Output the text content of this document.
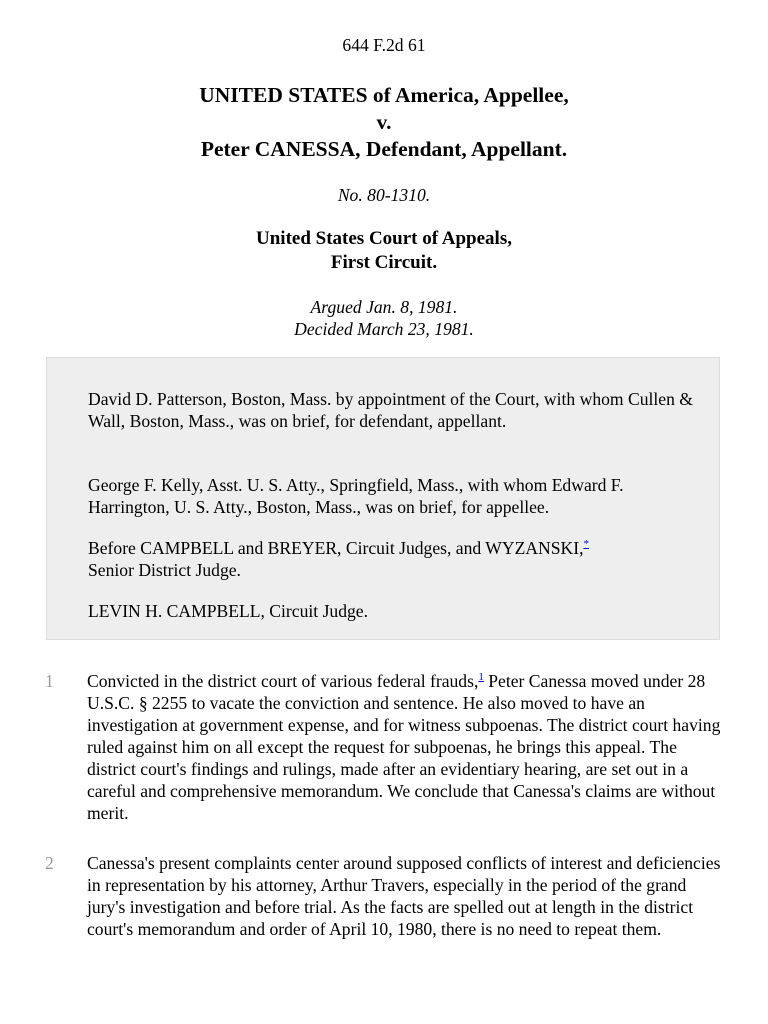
644 F.2d 61
UNITED STATES of America, Appellee,
v.
Peter CANESSA, Defendant, Appellant.
No. 80-1310.
United States Court of Appeals,
First Circuit.
Argued Jan. 8, 1981.
Decided March 23, 1981.

David D. Patterson, Boston, Mass. by appointment of the Court, with whom Cullen & Wall, Boston, Mass., was on brief, for defendant, appellant.

George F. Kelly, Asst. U. S. Atty., Springfield, Mass., with whom Edward F. Harrington, U. S. Atty., Boston, Mass., was on brief, for appellee.

Before CAMPBELL and BREYER, Circuit Judges, and WYZANSKI,*
Senior District Judge.

LEVIN H. CAMPBELL, Circuit Judge.

1 Convicted in the district court of various federal frauds,$^1$ Peter Canessa moved under 28 U.S.C. § 2255 to vacate the conviction and sentence. He also moved to have an investigation at government expense, and for witness subpoenas. The district court having ruled against him on all except the request for subpoenas, he brings this appeal. The district court's findings and rulings, made after an evidentiary hearing, are set out in a careful and comprehensive memorandum. We conclude that Canessa's claims are without merit.
2 Canessa's present complaints center around supposed conflicts of interest and deficiencies in representation by his attorney, Arthur Travers, especially in the period of the grand jury's investigation and before trial. As the facts are spelled out at length in the district court's memorandum and order of April 10, 1980, there is no need to repeat them.
